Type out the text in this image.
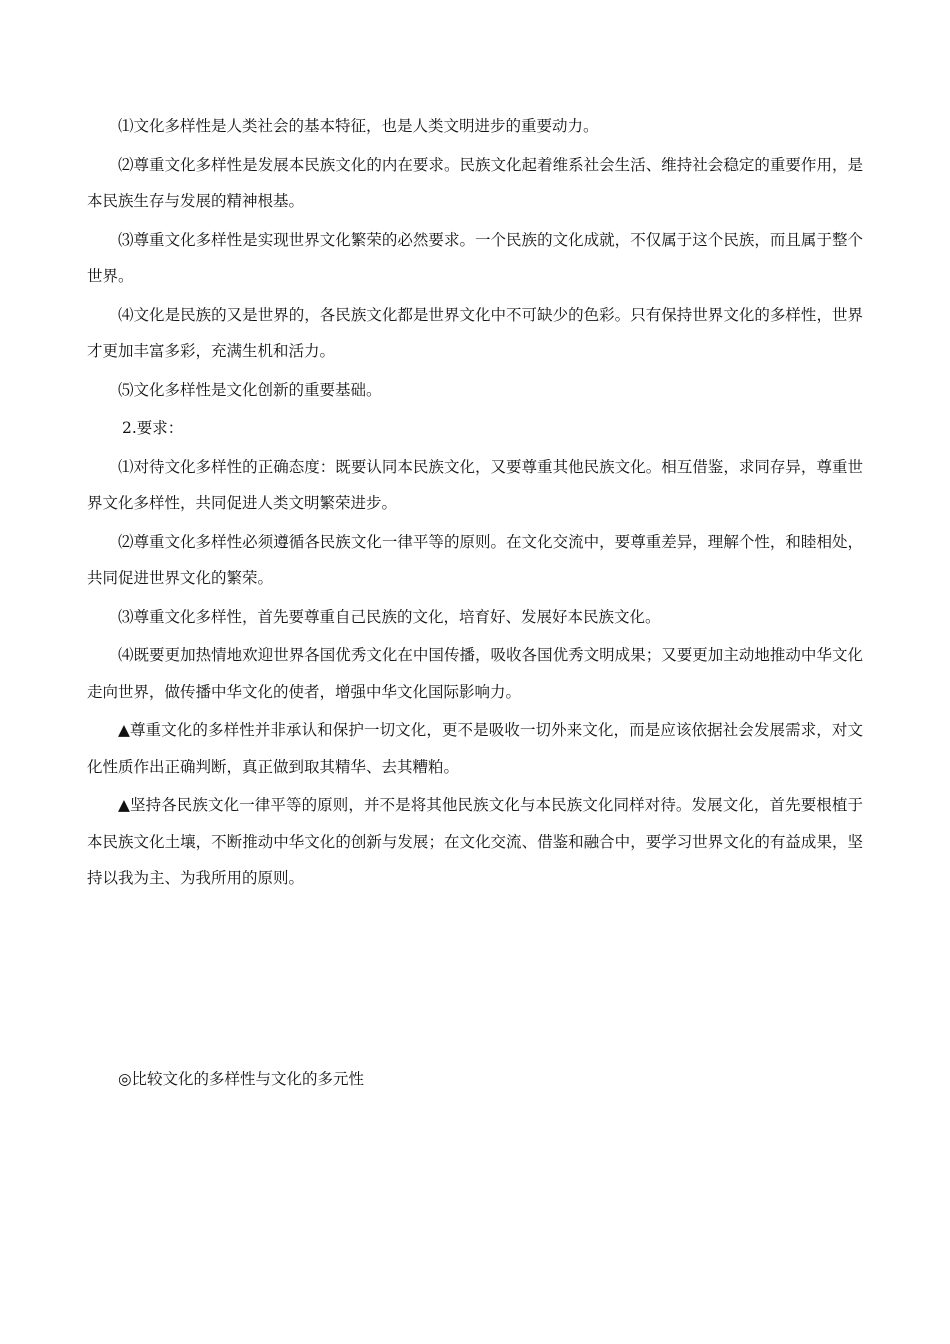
⑴文化多样性是人类社会的基本特征，也是人类文明进步的重要动力。

⑵尊重文化多样性是发展本民族文化的内在要求。民族文化起着维系社会生活、维持社会稳定的重要作用，是本民族生存与发展的精神根基。

⑶尊重文化多样性是实现世界文化繁荣的必然要求。一个民族的文化成就，不仅属于这个民族，而且属于整个世界。

⑷文化是民族的又是世界的，各民族文化都是世界文化中不可缺少的色彩。只有保持世界文化的多样性，世界才更加丰富多彩，充满生机和活力。

⑸文化多样性是文化创新的重要基础。

2.要求：

⑴对待文化多样性的正确态度：既要认同本民族文化，又要尊重其他民族文化。相互借鉴，求同存异，尊重世界文化多样性，共同促进人类文明繁荣进步。

⑵尊重文化多样性必须遵循各民族文化一律平等的原则。在文化交流中，要尊重差异，理解个性，和睦相处，共同促进世界文化的繁荣。

⑶尊重文化多样性，首先要尊重自己民族的文化，培育好、发展好本民族文化。

⑷既要更加热情地欢迎世界各国优秀文化在中国传播，吸收各国优秀文明成果；又要更加主动地推动中华文化走向世界，做传播中华文化的使者，增强中华文化国际影响力。

▲尊重文化的多样性并非承认和保护一切文化，更不是吸收一切外来文化，而是应该依据社会发展需求，对文化性质作出正确判断，真正做到取其精华、去其糟粕。

▲坚持各民族文化一律平等的原则，并不是将其他民族文化与本民族文化同样对待。发展文化，首先要根植于本民族文化土壤，不断推动中华文化的创新与发展；在文化交流、借鉴和融合中，要学习世界文化的有益成果，坚持以我为主、为我所用的原则。

◎比较文化的多样性与文化的多元性
